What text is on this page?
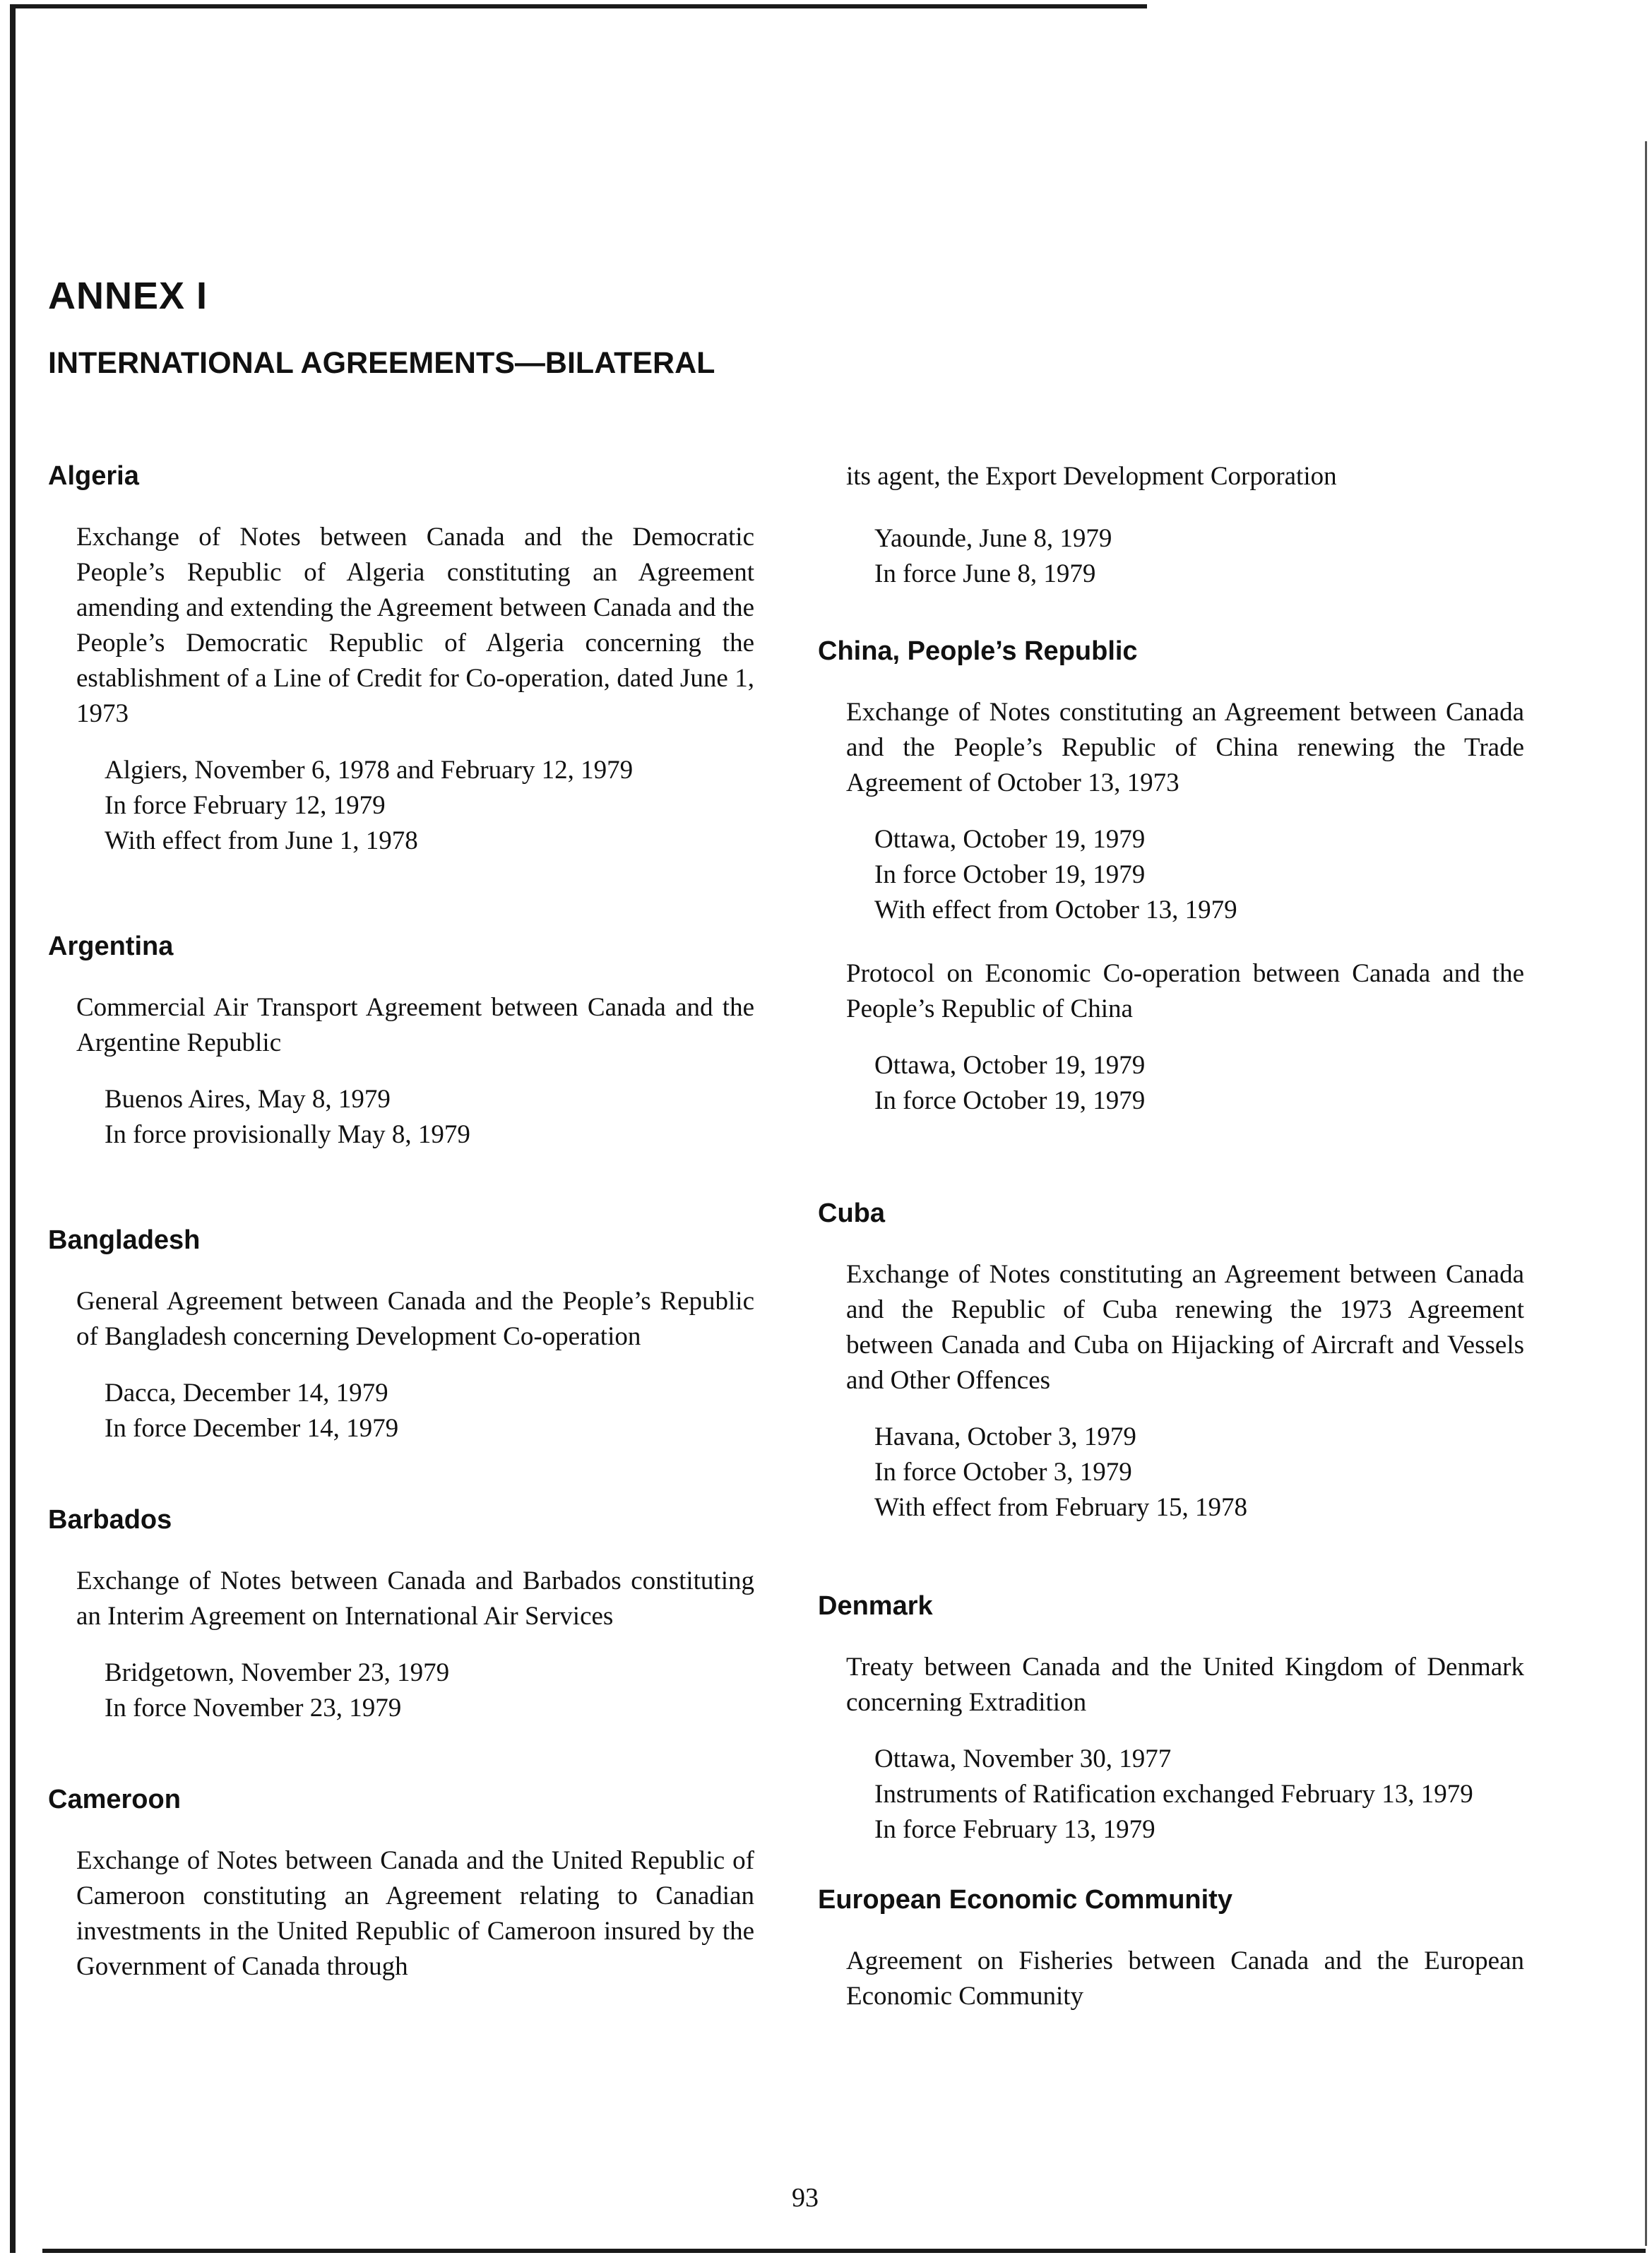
ANNEX I
INTERNATIONAL AGREEMENTS—BILATERAL
Algeria
Exchange of Notes between Canada and the Democratic People’s Republic of Algeria constituting an Agreement amending and extending the Agreement between Canada and the People’s Democratic Republic of Algeria concerning the establishment of a Line of Credit for Co-operation, dated June 1, 1973
Algiers, November 6, 1978 and February 12, 1979
In force February 12, 1979
With effect from June 1, 1978
Argentina
Commercial Air Transport Agreement between Canada and the Argentine Republic
Buenos Aires, May 8, 1979
In force provisionally May 8, 1979
Bangladesh
General Agreement between Canada and the People’s Republic of Bangladesh concerning Development Co-operation
Dacca, December 14, 1979
In force December 14, 1979
Barbados
Exchange of Notes between Canada and Barbados constituting an Interim Agreement on International Air Services
Bridgetown, November 23, 1979
In force November 23, 1979
Cameroon
Exchange of Notes between Canada and the United Republic of Cameroon constituting an Agreement relating to Canadian investments in the United Republic of Cameroon insured by the Government of Canada through
its agent, the Export Development Corporation
Yaounde, June 8, 1979
In force June 8, 1979
China, People’s Republic
Exchange of Notes constituting an Agreement between Canada and the People’s Republic of China renewing the Trade Agreement of October 13, 1973
Ottawa, October 19, 1979
In force October 19, 1979
With effect from October 13, 1979
Protocol on Economic Co-operation between Canada and the People’s Republic of China
Ottawa, October 19, 1979
In force October 19, 1979
Cuba
Exchange of Notes constituting an Agreement between Canada and the Republic of Cuba renewing the 1973 Agreement between Canada and Cuba on Hijacking of Aircraft and Vessels and Other Offences
Havana, October 3, 1979
In force October 3, 1979
With effect from February 15, 1978
Denmark
Treaty between Canada and the United Kingdom of Denmark concerning Extradition
Ottawa, November 30, 1977
Instruments of Ratification exchanged February 13, 1979
In force February 13, 1979
European Economic Community
Agreement on Fisheries between Canada and the European Economic Community
93
